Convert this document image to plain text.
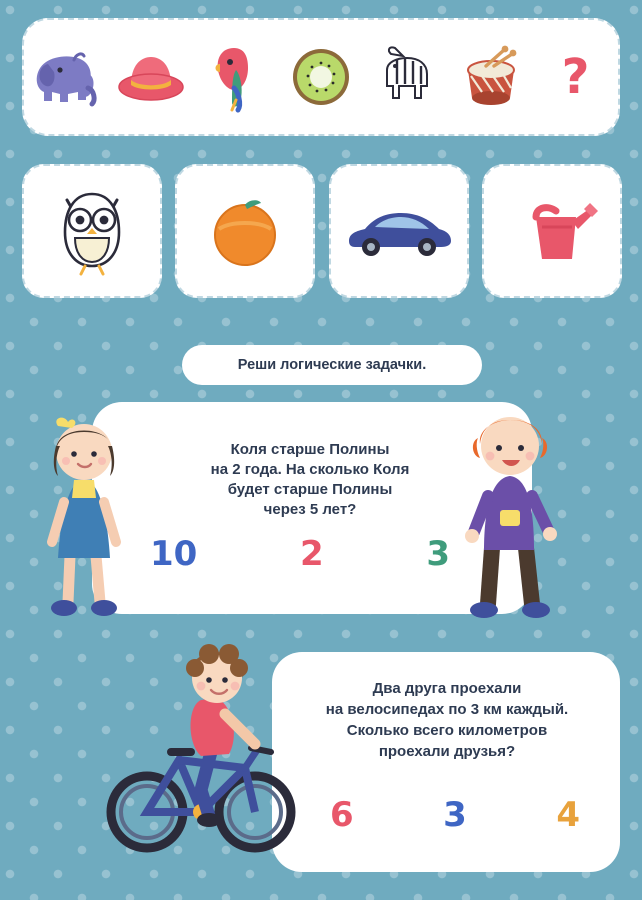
?
Реши логические задачки.
Коля старше Полины
на 2 года. На сколько Коля
будет старше Полины
через 5 лет?
10	2	3
Два друга проехали
на велосипедах по 3 км каждый.
Сколько всего километров
проехали друзья?
6	3	4
